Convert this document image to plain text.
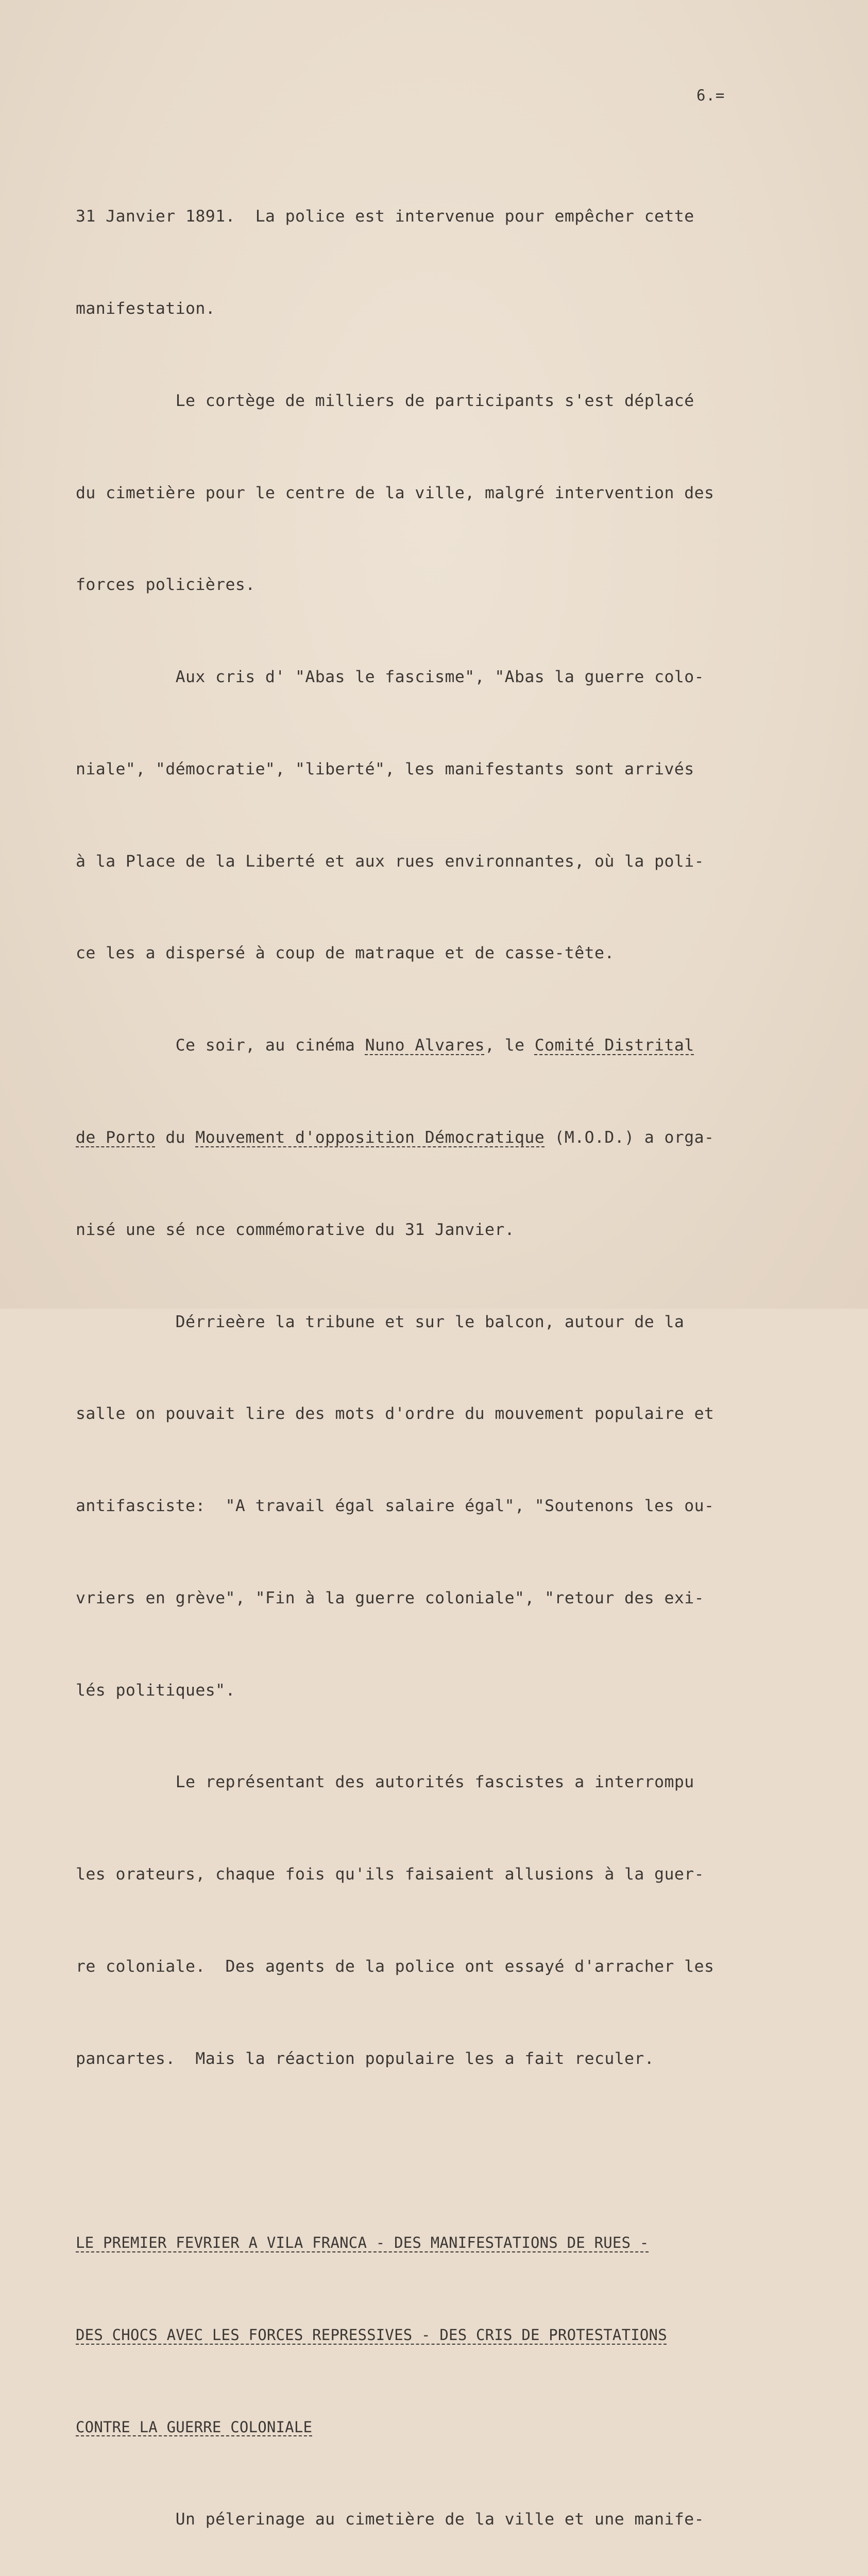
6.=

31 Janvier 1891.  La police est intervenue pour empêcher cette

manifestation.

Le cortège de milliers de participants s'est déplacé

du cimetière pour le centre de la ville, malgré intervention des

forces policières.

Aux cris d' "Abas le fascisme", "Abas la guerre colo-

niale", "démocratie", "liberté", les manifestants sont arrivés

à la Place de la Liberté et aux rues environnantes, où la poli-

ce les a dispersé à coup de matraque et de casse-tête.

Ce soir, au cinéma Nuno Alvares, le Comité Distrital

de Porto du Mouvement d'opposition Démocratique (M.O.D.) a orga-

nisé une sé nce commémorative du 31 Janvier.

Dérrieère la tribune et sur le balcon, autour de la

salle on pouvait lire des mots d'ordre du mouvement populaire et

antifasciste:  "A travail égal salaire égal", "Soutenons les ou-

vriers en grève", "Fin à la guerre coloniale", "retour des exi-

lés politiques".

Le représentant des autorités fascistes a interrompu

les orateurs, chaque fois qu'ils faisaient allusions à la guer-

re coloniale.  Des agents de la police ont essayé d'arracher les

pancartes.  Mais la réaction populaire les a fait reculer.

LE PREMIER FEVRIER A VILA FRANCA - DES MANIFESTATIONS DE RUES -

DES CHOCS AVEC LES FORCES REPRESSIVES - DES CRIS DE PROTESTATIONS

CONTRE LA GUERRE COLONIALE

Un pélerinage au cimetière de la ville et une manife-
